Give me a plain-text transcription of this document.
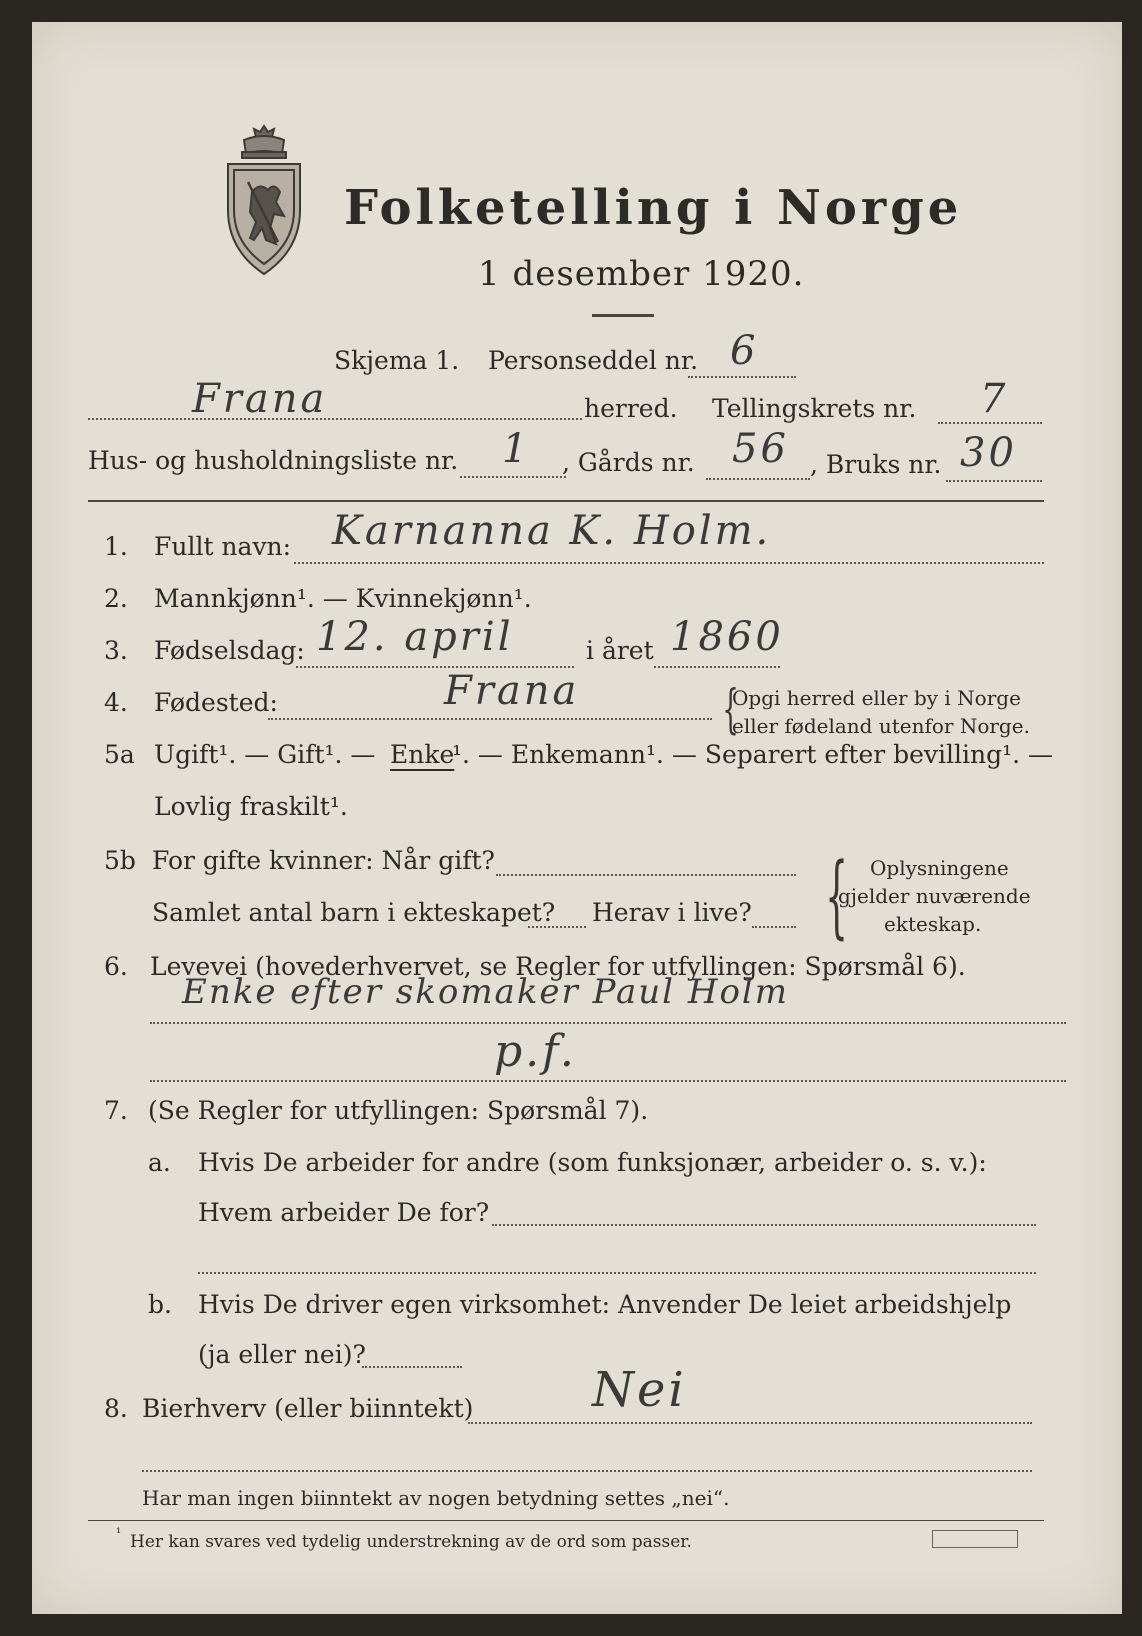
Folketelling i Norge
1 desember 1920.
Skjema 1. Personseddel nr. 6
Frana	herred. Tellingskrets nr. 7
Hus- og husholdningsliste nr. 1 , Gårds nr. 56 , Bruks nr. 30
1. Fullt navn: Karnanna K. Holm.
2. Mannkjønn¹. — Kvinnekjønn¹.
3. Fødselsdag: 12. april	i året 1860
4. Fødested:	Frana	{
Opgi herred eller by i Norge
eller fødeland utenfor Norge.
5a Ugift¹. — Gift¹. — Enke
¹. — Enkemann¹. — Separert efter bevilling¹. —
Lovlig fraskilt¹.
5b For gifte kvinner: Når gift?
Samlet antal barn i ekteskapet? Herav i live? { Oplysningene
gjelder nuværende
ekteskap.
6. Levevei (hovederhvervet, se Regler for utfyllingen: Spørsmål 6).
Enke efter skomaker Paul Holm
p.f.
7. (Se Regler for utfyllingen: Spørsmål 7).
a. Hvis De arbeider for andre (som funksjonær, arbeider o. s. v.):
Hvem arbeider De for?
b. Hvis De driver egen virksomhet: Anvender De leiet arbeidshjelp
(ja eller nei)?
8. Bierhverv (eller biinntekt) Nei
Har man ingen biinntekt av nogen betydning settes „nei“.
¹ Her kan svares ved tydelig understrekning av de ord som passer.
